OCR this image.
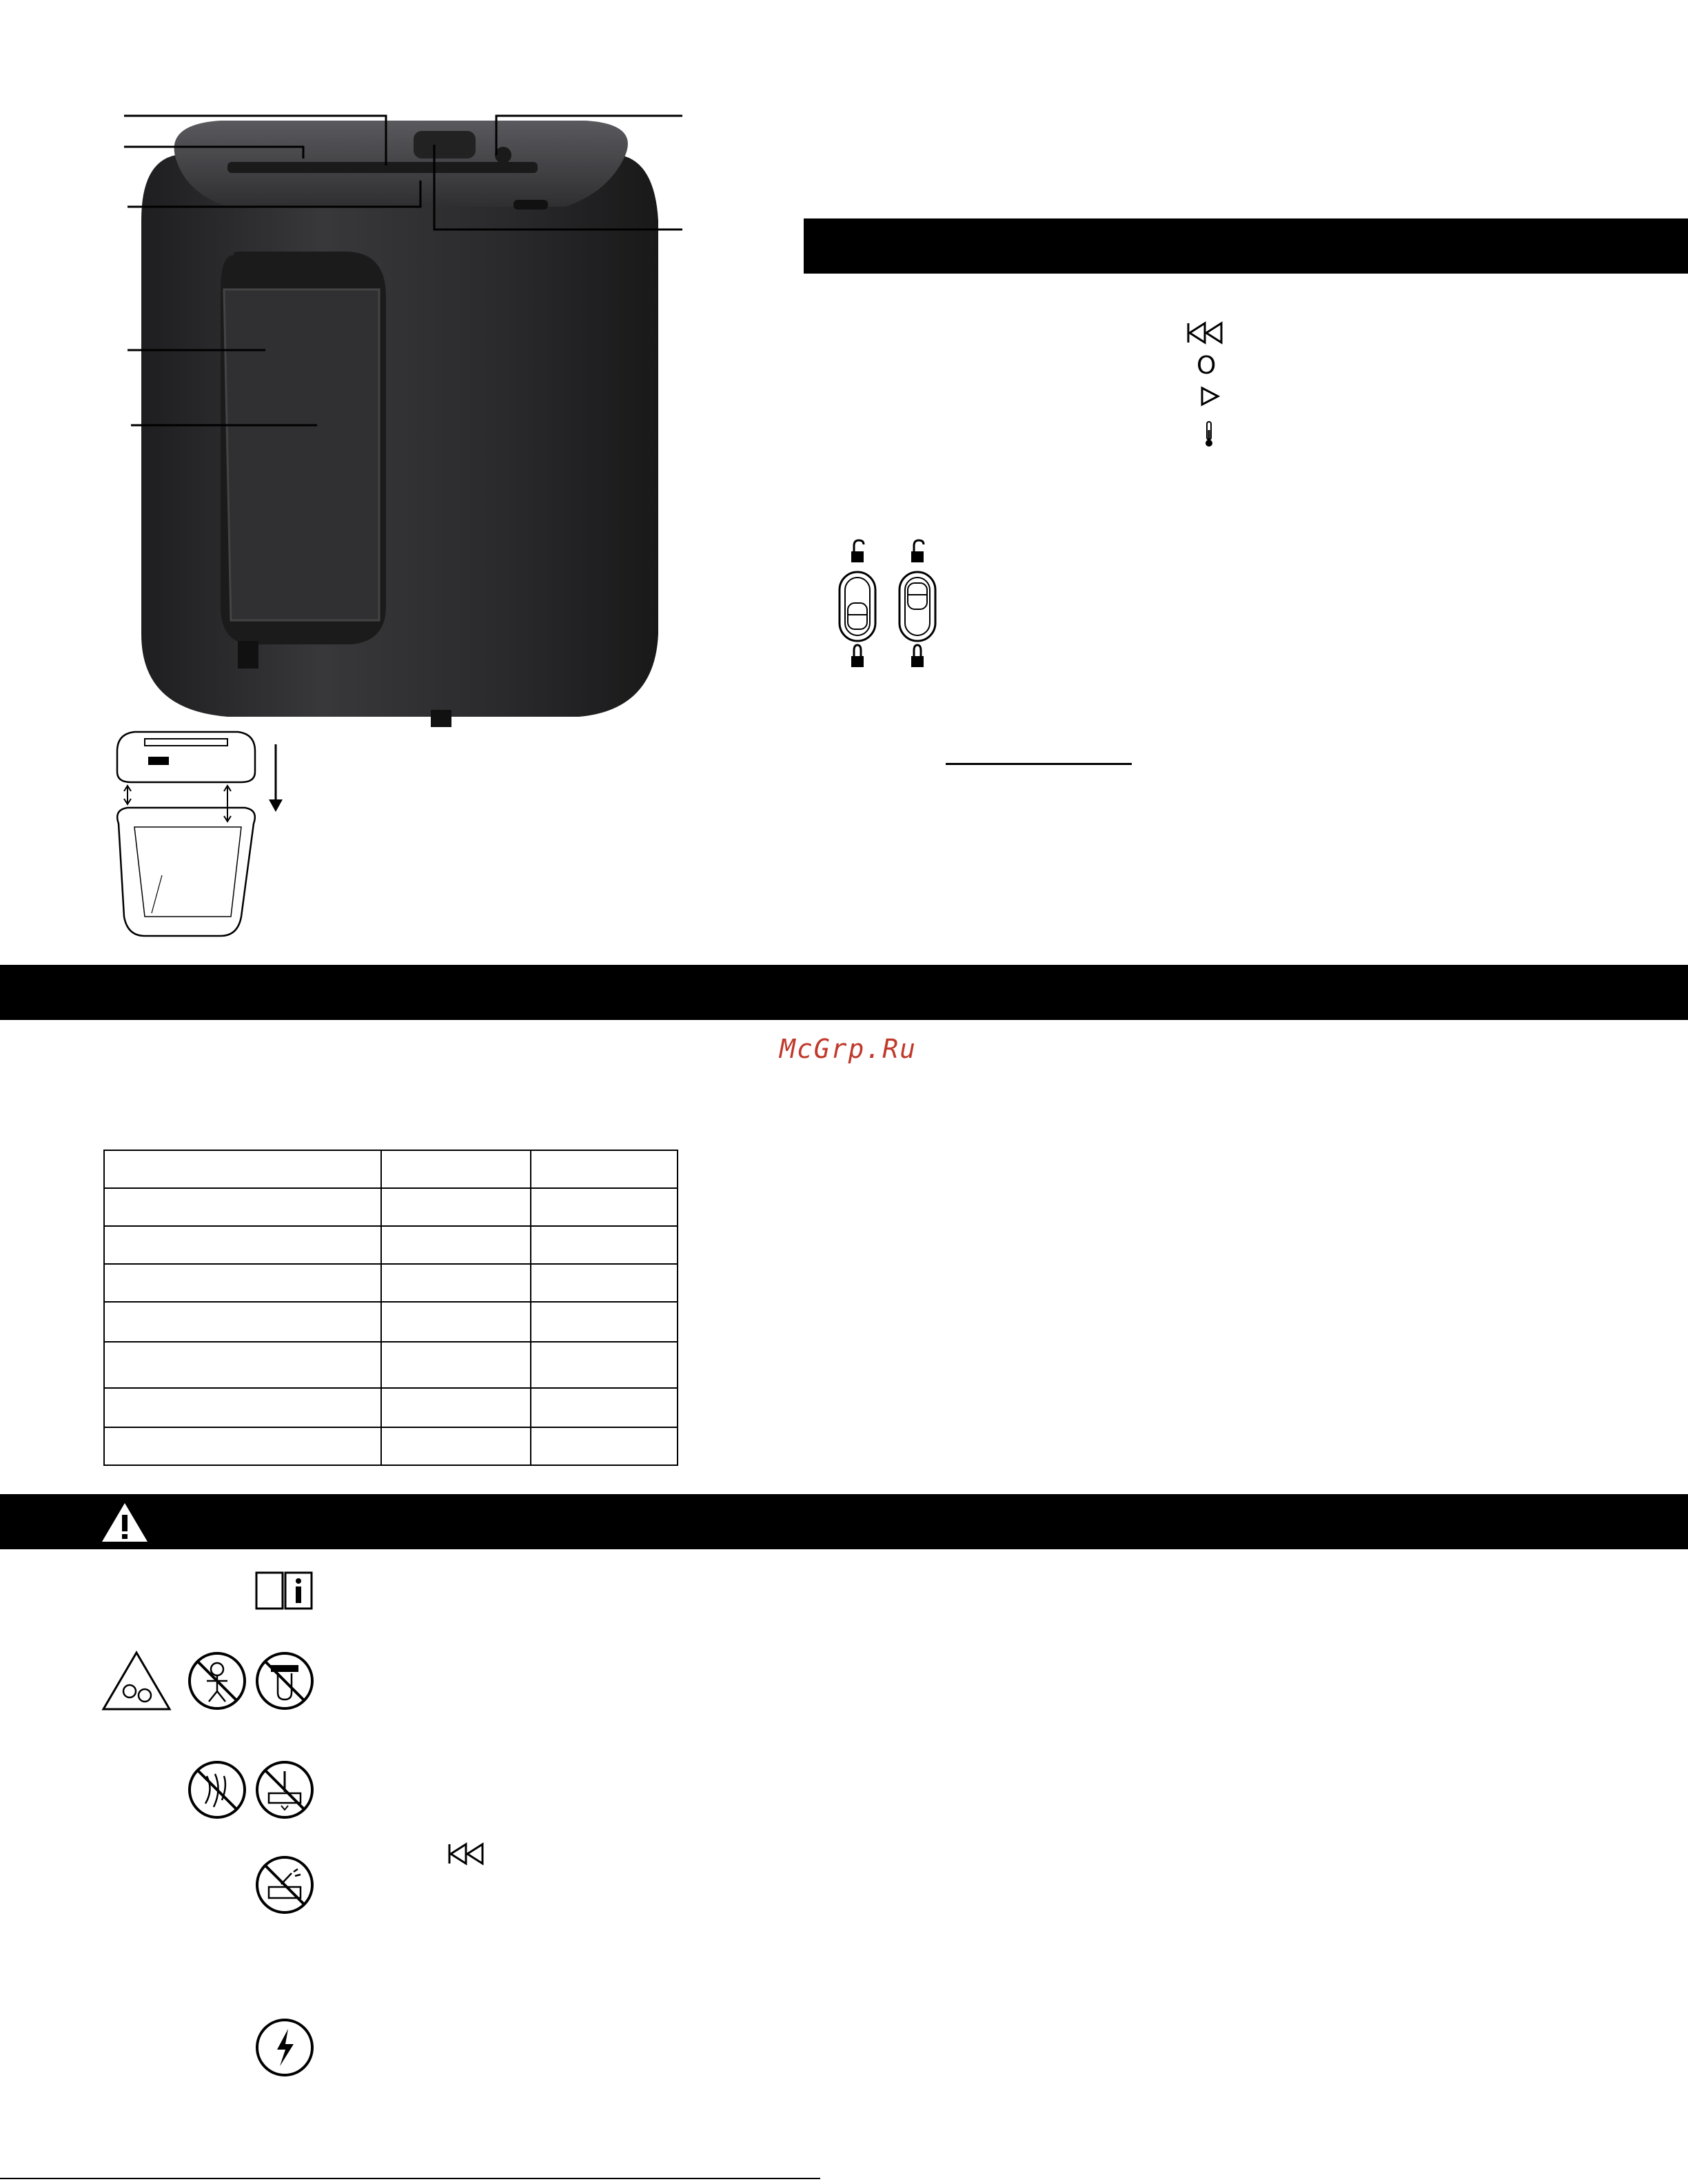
O
McGrp.Ru
